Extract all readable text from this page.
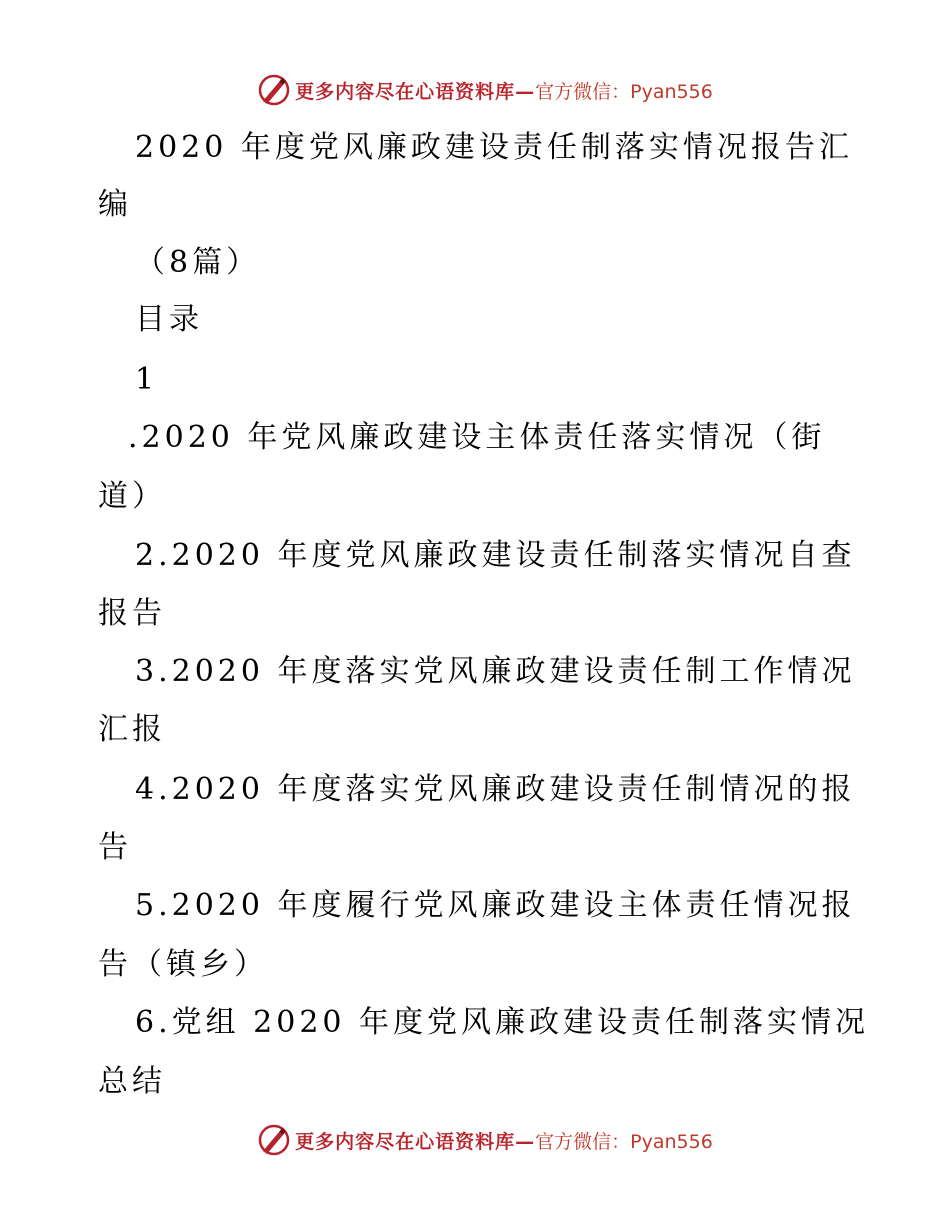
更多内容尽在心语资料库— 官方微信：Pyan556
2020 年度党风廉政建设责任制落实情况报告汇
编
（8篇）
目录
1
.2020 年党风廉政建设主体责任落实情况（街
道）
2.2020 年度党风廉政建设责任制落实情况自查
报告
3.2020 年度落实党风廉政建设责任制工作情况
汇报
4.2020 年度落实党风廉政建设责任制情况的报
告
5.2020 年度履行党风廉政建设主体责任情况报
告（镇乡）
6.党组 2020 年度党风廉政建设责任制落实情况
总结
更多内容尽在心语资料库— 官方微信：Pyan556
